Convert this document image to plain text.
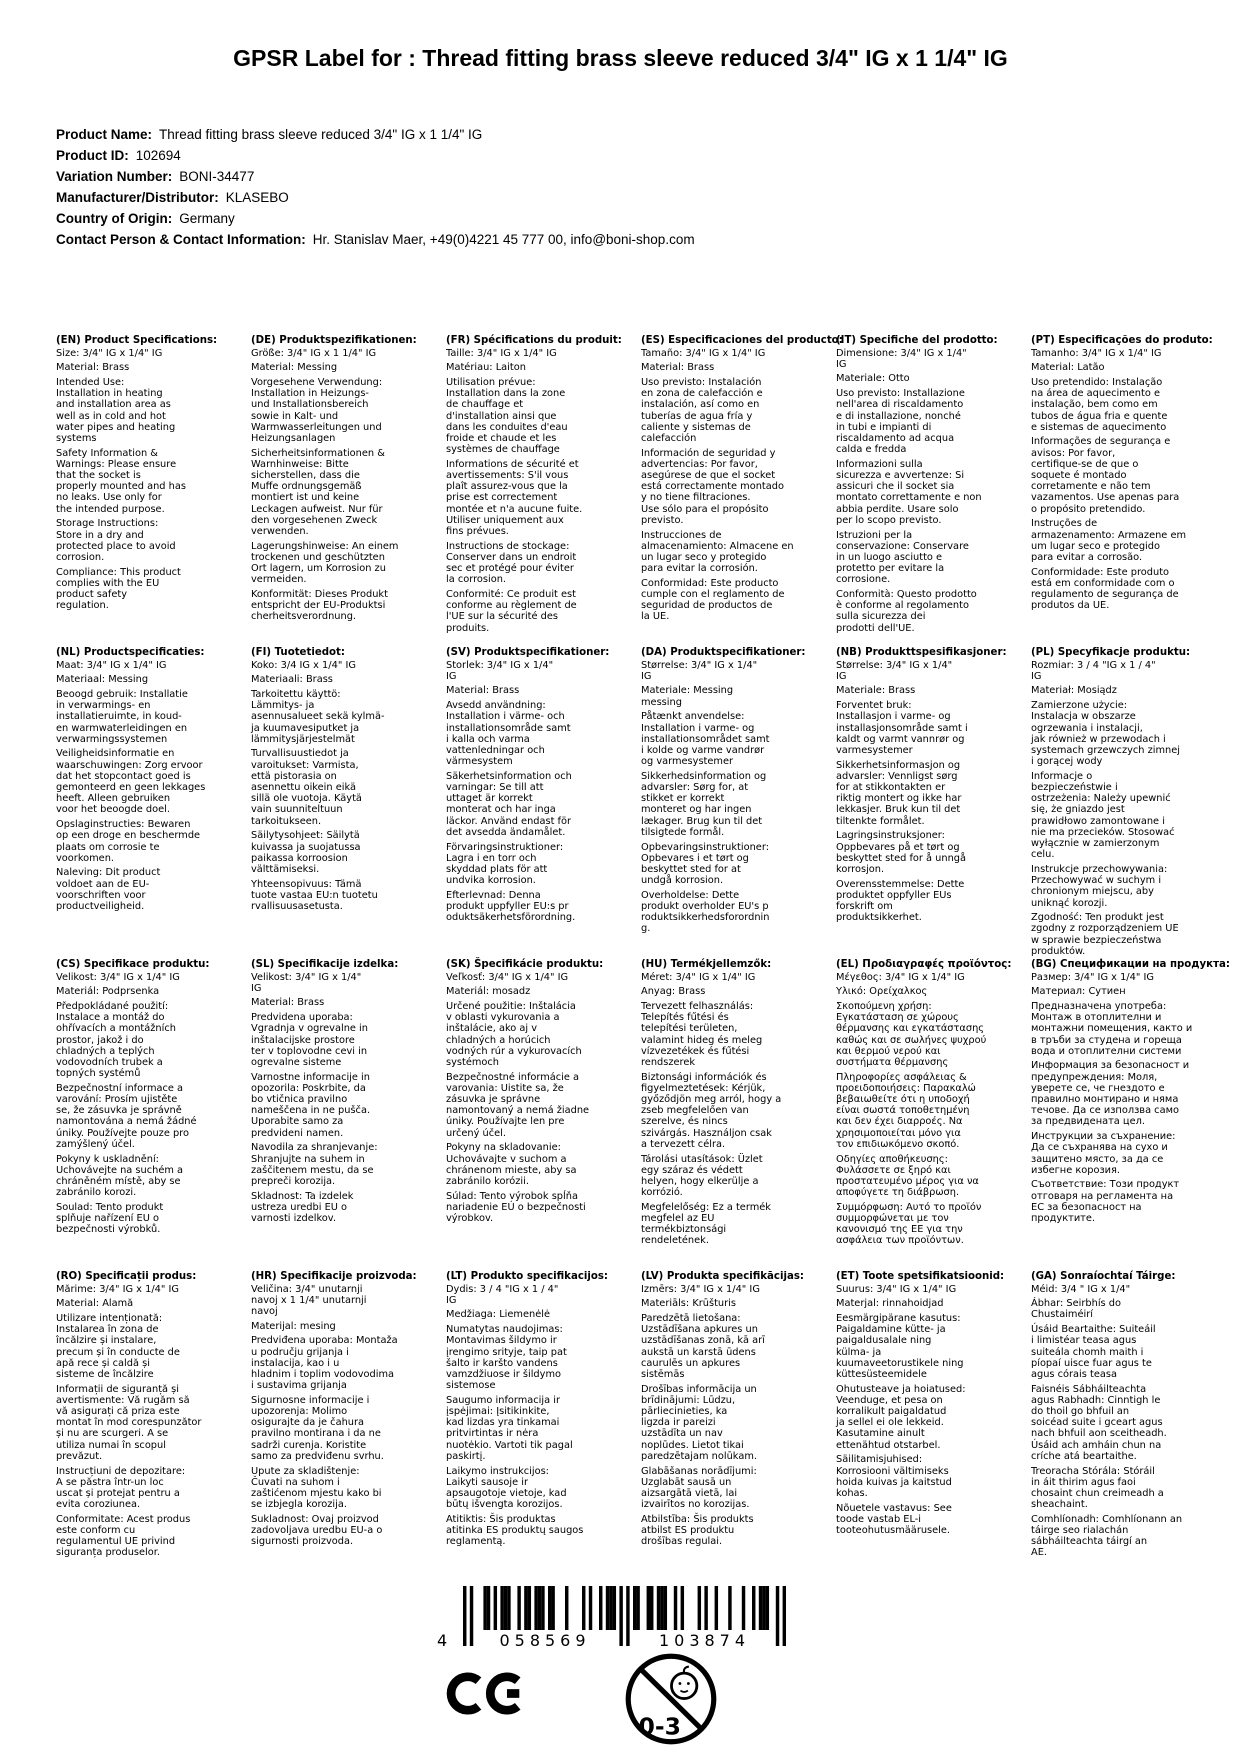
GPSR Label for : Thread fitting brass sleeve reduced 3/4" IG x 1 1/4" IG
Product Name: Thread fitting brass sleeve reduced 3/4" IG x 1 1/4" IG
Product ID: 102694
Variation Number: BONI-34477
Manufacturer/Distributor: KLASEBO
Country of Origin: Germany
Contact Person & Contact Information: Hr. Stanislav Maer, +49(0)4221 45 777 00, info@boni-shop.com
(EN) Product Specifications:
Size: 3/4" IG x 1/4" IG
Material: Brass
Intended Use:
Installation in heating
and installation area as
well as in cold and hot
water pipes and heating
systems
Safety Information &
Warnings: Please ensure
that the socket is
properly mounted and has
no leaks. Use only for
the intended purpose.
Storage Instructions:
Store in a dry and
protected place to avoid
corrosion.
Compliance: This product
complies with the EU
product safety
regulation.
(DE) Produktspezifikationen:
Größe: 3/4" IG x 1 1/4" IG
Material: Messing
Vorgesehene Verwendung:
Installation in Heizungs-
und Installationsbereich
sowie in Kalt- und
Warmwasserleitungen und
Heizungsanlagen
Sicherheitsinformationen &
Warnhinweise: Bitte
sicherstellen, dass die
Muffe ordnungsgemäß
montiert ist und keine
Leckagen aufweist. Nur für
den vorgesehenen Zweck
verwenden.
Lagerungshinweise: An einem
trockenen und geschützten
Ort lagern, um Korrosion zu
vermeiden.
Konformität: Dieses Produkt
entspricht der EU-Produktsi
cherheitsverordnung.
(FR) Spécifications du produit:
Taille: 3/4" IG x 1/4" IG
Matériau: Laiton
Utilisation prévue:
Installation dans la zone
de chauffage et
d'installation ainsi que
dans les conduites d'eau
froide et chaude et les
systèmes de chauffage
Informations de sécurité et
avertissements: S'il vous
plaît assurez-vous que la
prise est correctement
montée et n'a aucune fuite.
Utiliser uniquement aux
fins prévues.
Instructions de stockage:
Conserver dans un endroit
sec et protégé pour éviter
la corrosion.
Conformité: Ce produit est
conforme au règlement de
l'UE sur la sécurité des
produits.
(ES) Especificaciones del producto:
Tamaño: 3/4" IG x 1/4" IG
Material: Brass
Uso previsto: Instalación
en zona de calefacción e
instalación, así como en
tuberías de agua fría y
caliente y sistemas de
calefacción
Información de seguridad y
advertencias: Por favor,
asegúrese de que el socket
está correctamente montado
y no tiene filtraciones.
Use sólo para el propósito
previsto.
Instrucciones de
almacenamiento: Almacene en
un lugar seco y protegido
para evitar la corrosión.
Conformidad: Este producto
cumple con el reglamento de
seguridad de productos de
la UE.
(IT) Specifiche del prodotto:
Dimensione: 3/4" IG x 1/4"
IG
Materiale: Otto
Uso previsto: Installazione
nell'area di riscaldamento
e di installazione, nonché
in tubi e impianti di
riscaldamento ad acqua
calda e fredda
Informazioni sulla
sicurezza e avvertenze: Si
assicuri che il socket sia
montato correttamente e non
abbia perdite. Usare solo
per lo scopo previsto.
Istruzioni per la
conservazione: Conservare
in un luogo asciutto e
protetto per evitare la
corrosione.
Conformità: Questo prodotto
è conforme al regolamento
sulla sicurezza dei
prodotti dell'UE.
(PT) Especificações do produto:
Tamanho: 3/4" IG x 1/4" IG
Material: Latão
Uso pretendido: Instalação
na área de aquecimento e
instalação, bem como em
tubos de água fria e quente
e sistemas de aquecimento
Informações de segurança e
avisos: Por favor,
certifique-se de que o
soquete é montado
corretamente e não tem
vazamentos. Use apenas para
o propósito pretendido.
Instruções de
armazenamento: Armazene em
um lugar seco e protegido
para evitar a corrosão.
Conformidade: Este produto
está em conformidade com o
regulamento de segurança de
produtos da UE.
(NL) Productspecificaties:
Maat: 3/4" IG x 1/4" IG
Materiaal: Messing
Beoogd gebruik: Installatie
in verwarmings- en
installatieruimte, in koud-
en warmwaterleidingen en
verwarmingssystemen
Veiligheidsinformatie en
waarschuwingen: Zorg ervoor
dat het stopcontact goed is
gemonteerd en geen lekkages
heeft. Alleen gebruiken
voor het beoogde doel.
Opslaginstructies: Bewaren
op een droge en beschermde
plaats om corrosie te
voorkomen.
Naleving: Dit product
voldoet aan de EU-
voorschriften voor
productveiligheid.
(FI) Tuotetiedot:
Koko: 3/4 IG x 1/4" IG
Materiaali: Brass
Tarkoitettu käyttö:
Lämmitys- ja
asennusalueet sekä kylmä-
ja kuumavesiputket ja
lämmitysjärjestelmät
Turvallisuustiedot ja
varoitukset: Varmista,
että pistorasia on
asennettu oikein eikä
sillä ole vuotoja. Käytä
vain suunniteltuun
tarkoitukseen.
Säilytysohjeet: Säilytä
kuivassa ja suojatussa
paikassa korroosion
välttämiseksi.
Yhteensopivuus: Tämä
tuote vastaa EU:n tuotetu
rvallisuusasetusta.
(SV) Produktspecifikationer:
Storlek: 3/4" IG x 1/4"
IG
Material: Brass
Avsedd användning:
Installation i värme- och
installationsområde samt
i kalla och varma
vattenledningar och
värmesystem
Säkerhetsinformation och
varningar: Se till att
uttaget är korrekt
monterat och har inga
läckor. Använd endast för
det avsedda ändamålet.
Förvaringsinstruktioner:
Lagra i en torr och
skyddad plats för att
undvika korrosion.
Efterlevnad: Denna
produkt uppfyller EU:s pr
oduktsäkerhetsförordning.
(DA) Produktspecifikationer:
Størrelse: 3/4" IG x 1/4"
IG
Materiale: Messing
messing
Påtænkt anvendelse:
Installation i varme- og
installationsområdet samt
i kolde og varme vandrør
og varmesystemer
Sikkerhedsinformation og
advarsler: Sørg for, at
stikket er korrekt
monteret og har ingen
lækager. Brug kun til det
tilsigtede formål.
Opbevaringsinstruktioner:
Opbevares i et tørt og
beskyttet sted for at
undgå korrosion.
Overholdelse: Dette
produkt overholder EU's p
roduktsikkerhedsforordnin
g.
(NB) Produkttspesifikasjoner:
Størrelse: 3/4" IG x 1/4"
IG
Materiale: Brass
Forventet bruk:
Installasjon i varme- og
installasjonsområde samt i
kaldt og varmt vannrør og
varmesystemer
Sikkerhetsinformasjon og
advarsler: Vennligst sørg
for at stikkontakten er
riktig montert og ikke har
lekkasjer. Bruk kun til det
tiltenkte formålet.
Lagringsinstruksjoner:
Oppbevares på et tørt og
beskyttet sted for å unngå
korrosjon.
Overensstemmelse: Dette
produktet oppfyller EUs
forskrift om
produktsikkerhet.
(PL) Specyfikacje produktu:
Rozmiar: 3 / 4 "IG x 1 / 4"
IG
Materiał: Mosiądz
Zamierzone użycie:
Instalacja w obszarze
ogrzewania i instalacji,
jak również w przewodach i
systemach grzewczych zimnej
i gorącej wody
Informacje o
bezpieczeństwie i
ostrzeżenia: Należy upewnić
się, że gniazdo jest
prawidłowo zamontowane i
nie ma przecieków. Stosować
wyłącznie w zamierzonym
celu.
Instrukcje przechowywania:
Przechowywać w suchym i
chronionym miejscu, aby
uniknąć korozji.
Zgodność: Ten produkt jest
zgodny z rozporządzeniem UE
w sprawie bezpieczeństwa
produktów.
(CS) Specifikace produktu:
Velikost: 3/4" IG x 1/4" IG
Materiál: Podprsenka
Předpokládané použití:
Instalace a montáž do
ohřívacích a montážních
prostor, jakož i do
chladných a teplých
vodovodních trubek a
topných systémů
Bezpečnostní informace a
varování: Prosím ujistěte
se, že zásuvka je správně
namontována a nemá žádné
úniky. Používejte pouze pro
zamýšlený účel.
Pokyny k uskladnění:
Uchovávejte na suchém a
chráněném místě, aby se
zabránilo korozi.
Soulad: Tento produkt
splňuje nařízení EU o
bezpečnosti výrobků.
(SL) Specifikacije izdelka:
Velikost: 3/4" IG x 1/4"
IG
Material: Brass
Predvidena uporaba:
Vgradnja v ogrevalne in
inštalacijske prostore
ter v toplovodne cevi in
ogrevalne sisteme
Varnostne informacije in
opozorila: Poskrbite, da
bo vtičnica pravilno
nameščena in ne pušča.
Uporabite samo za
predvideni namen.
Navodila za shranjevanje:
Shranjujte na suhem in
zaščitenem mestu, da se
prepreči korozija.
Skladnost: Ta izdelek
ustreza uredbi EU o
varnosti izdelkov.
(SK) Špecifikácie produktu:
Veľkosť: 3/4" IG x 1/4" IG
Materiál: mosadz
Určené použitie: Inštalácia
v oblasti vykurovania a
inštalácie, ako aj v
chladných a horúcich
vodných rúr a vykurovacích
systémoch
Bezpečnostné informácie a
varovania: Uistite sa, že
zásuvka je správne
namontovaný a nemá žiadne
úniky. Používajte len pre
určený účel.
Pokyny na skladovanie:
Uchovávajte v suchom a
chránenom mieste, aby sa
zabránilo korózii.
Súlad: Tento výrobok spĺňa
nariadenie EÚ o bezpečnosti
výrobkov.
(HU) Termékjellemzők:
Méret: 3/4" IG x 1/4" IG
Anyag: Brass
Tervezett felhasználás:
Telepítés fűtési és
telepítési területen,
valamint hideg és meleg
vízvezetékek és fűtési
rendszerek
Biztonsági információk és
figyelmeztetések: Kérjük,
győződjön meg arról, hogy a
zseb megfelelően van
szerelve, és nincs
szivárgás. Használjon csak
a tervezett célra.
Tárolási utasítások: Üzlet
egy száraz és védett
helyen, hogy elkerülje a
korrózió.
Megfelelőség: Ez a termék
megfelel az EU
termékbiztonsági
rendeletének.
(EL) Προδιαγραφές προϊόντος:
Μέγεθος: 3/4" IG x 1/4" IG
Υλικό: Ορείχαλκος
Σκοπούμενη χρήση:
Εγκατάσταση σε χώρους
θέρμανσης και εγκατάστασης
καθώς και σε σωλήνες ψυχρού
και θερμού νερού και
συστήματα θέρμανσης
Πληροφορίες ασφάλειας &
προειδοποιήσεις: Παρακαλώ
βεβαιωθείτε ότι η υποδοχή
είναι σωστά τοποθετημένη
και δεν έχει διαρροές. Να
χρησιμοποιείται μόνο για
τον επιδιωκόμενο σκοπό.
Οδηγίες αποθήκευσης:
Φυλάσσετε σε ξηρό και
προστατευμένο μέρος για να
αποφύγετε τη διάβρωση.
Συμμόρφωση: Αυτό το προϊόν
συμμορφώνεται με τον
κανονισμό της ΕΕ για την
ασφάλεια των προϊόντων.
(BG) Спецификации на продукта:
Размер: 3/4" IG x 1/4" IG
Материал: Сутиен
Предназначена употреба:
Монтаж в отоплителни и
монтажни помещения, както и
в тръби за студена и гореща
вода и отоплителни системи
Информация за безопасност и
предупреждения: Моля,
уверете се, че гнездото е
правилно монтирано и няма
течове. Да се използва само
за предвидената цел.
Инструкции за съхранение:
Да се съхранява на сухо и
защитено място, за да се
избегне корозия.
Съответствие: Този продукт
отговаря на регламента на
ЕС за безопасност на
продуктите.
(RO) Specificații produs:
Mărime: 3/4" IG x 1/4" IG
Material: Alamă
Utilizare intenționată:
Instalarea în zona de
încălzire și instalare,
precum și în conducte de
apă rece și caldă și
sisteme de încălzire
Informații de siguranță și
avertismente: Vă rugăm să
vă asigurați că priza este
montat în mod corespunzător
și nu are scurgeri. A se
utiliza numai în scopul
prevăzut.
Instrucțiuni de depozitare:
A se păstra într-un loc
uscat și protejat pentru a
evita coroziunea.
Conformitate: Acest produs
este conform cu
regulamentul UE privind
siguranța produselor.
(HR) Specifikacije proizvoda:
Veličina: 3/4" unutarnji
navoj x 1 1/4" unutarnji
navoj
Materijal: mesing
Predviđena uporaba: Montaža
u području grijanja i
instalacija, kao i u
hladnim i toplim vodovodima
i sustavima grijanja
Sigurnosne informacije i
upozorenja: Molimo
osigurajte da je čahura
pravilno montirana i da ne
sadrži curenja. Koristite
samo za predviđenu svrhu.
Upute za skladištenje:
Čuvati na suhom i
zaštićenom mjestu kako bi
se izbjegla korozija.
Sukladnost: Ovaj proizvod
zadovoljava uredbu EU-a o
sigurnosti proizvoda.
(LT) Produkto specifikacijos:
Dydis: 3 / 4 "IG x 1 / 4"
IG
Medžiaga: Liemenėlė
Numatytas naudojimas:
Montavimas šildymo ir
įrengimo srityje, taip pat
šalto ir karšto vandens
vamzdžiuose ir šildymo
sistemose
Saugumo informacija ir
įspėjimai: Įsitikinkite,
kad lizdas yra tinkamai
pritvirtintas ir nėra
nuotėkio. Vartoti tik pagal
paskirtį.
Laikymo instrukcijos:
Laikyti sausoje ir
apsaugotoje vietoje, kad
būtų išvengta korozijos.
Atitiktis: Šis produktas
atitinka ES produktų saugos
reglamentą.
(LV) Produkta specifikācijas:
Izmērs: 3/4" IG x 1/4" IG
Materiāls: Krūšturis
Paredzētā lietošana:
Uzstādīšana apkures un
uzstādīšanas zonā, kā arī
aukstā un karstā ūdens
caurulēs un apkures
sistēmās
Drošības informācija un
brīdinājumi: Lūdzu,
pārliecinieties, ka
ligzda ir pareizi
uzstādīta un nav
noplūdes. Lietot tikai
paredzētajam nolūkam.
Glabāšanas norādījumi:
Uzglabāt sausā un
aizsargātā vietā, lai
izvairītos no korozijas.
Atbilstība: Šis produkts
atbilst ES produktu
drošības regulai.
(ET) Toote spetsifikatsioonid:
Suurus: 3/4" IG x 1/4" IG
Materjal: rinnahoidjad
Eesmärgipärane kasutus:
Paigaldamine kütte- ja
paigaldusalale ning
külma- ja
kuumaveetorustikele ning
küttesüsteemidele
Ohutusteave ja hoiatused:
Veenduge, et pesa on
korralikult paigaldatud
ja sellel ei ole lekkeid.
Kasutamine ainult
ettenähtud otstarbel.
Säilitamisjuhised:
Korrosiooni vältimiseks
hoida kuivas ja kaitstud
kohas.
Nõuetele vastavus: See
toode vastab EL-i
tooteohutusmäärusele.
(GA) Sonraíochtaí Táirge:
Méid: 3/4 " IG x 1/4"
Ábhar: Seirbhís do
Chustaiméirí
Úsáid Beartaithe: Suiteáil
i limistéar teasa agus
suiteála chomh maith i
píopaí uisce fuar agus te
agus córais teasa
Faisnéis Sábháilteachta
agus Rabhadh: Cinntigh le
do thoil go bhfuil an
soicéad suite i gceart agus
nach bhfuil aon sceitheadh.
Úsáid ach amháin chun na
críche atá beartaithe.
Treoracha Stórála: Stóráil
in áit thirim agus faoi
chosaint chun creimeadh a
sheachaint.
Comhlíonadh: Comhlíonann an
táirge seo rialachán
sábháilteachta táirgí an
AE.
4	058569	103874
0-3
